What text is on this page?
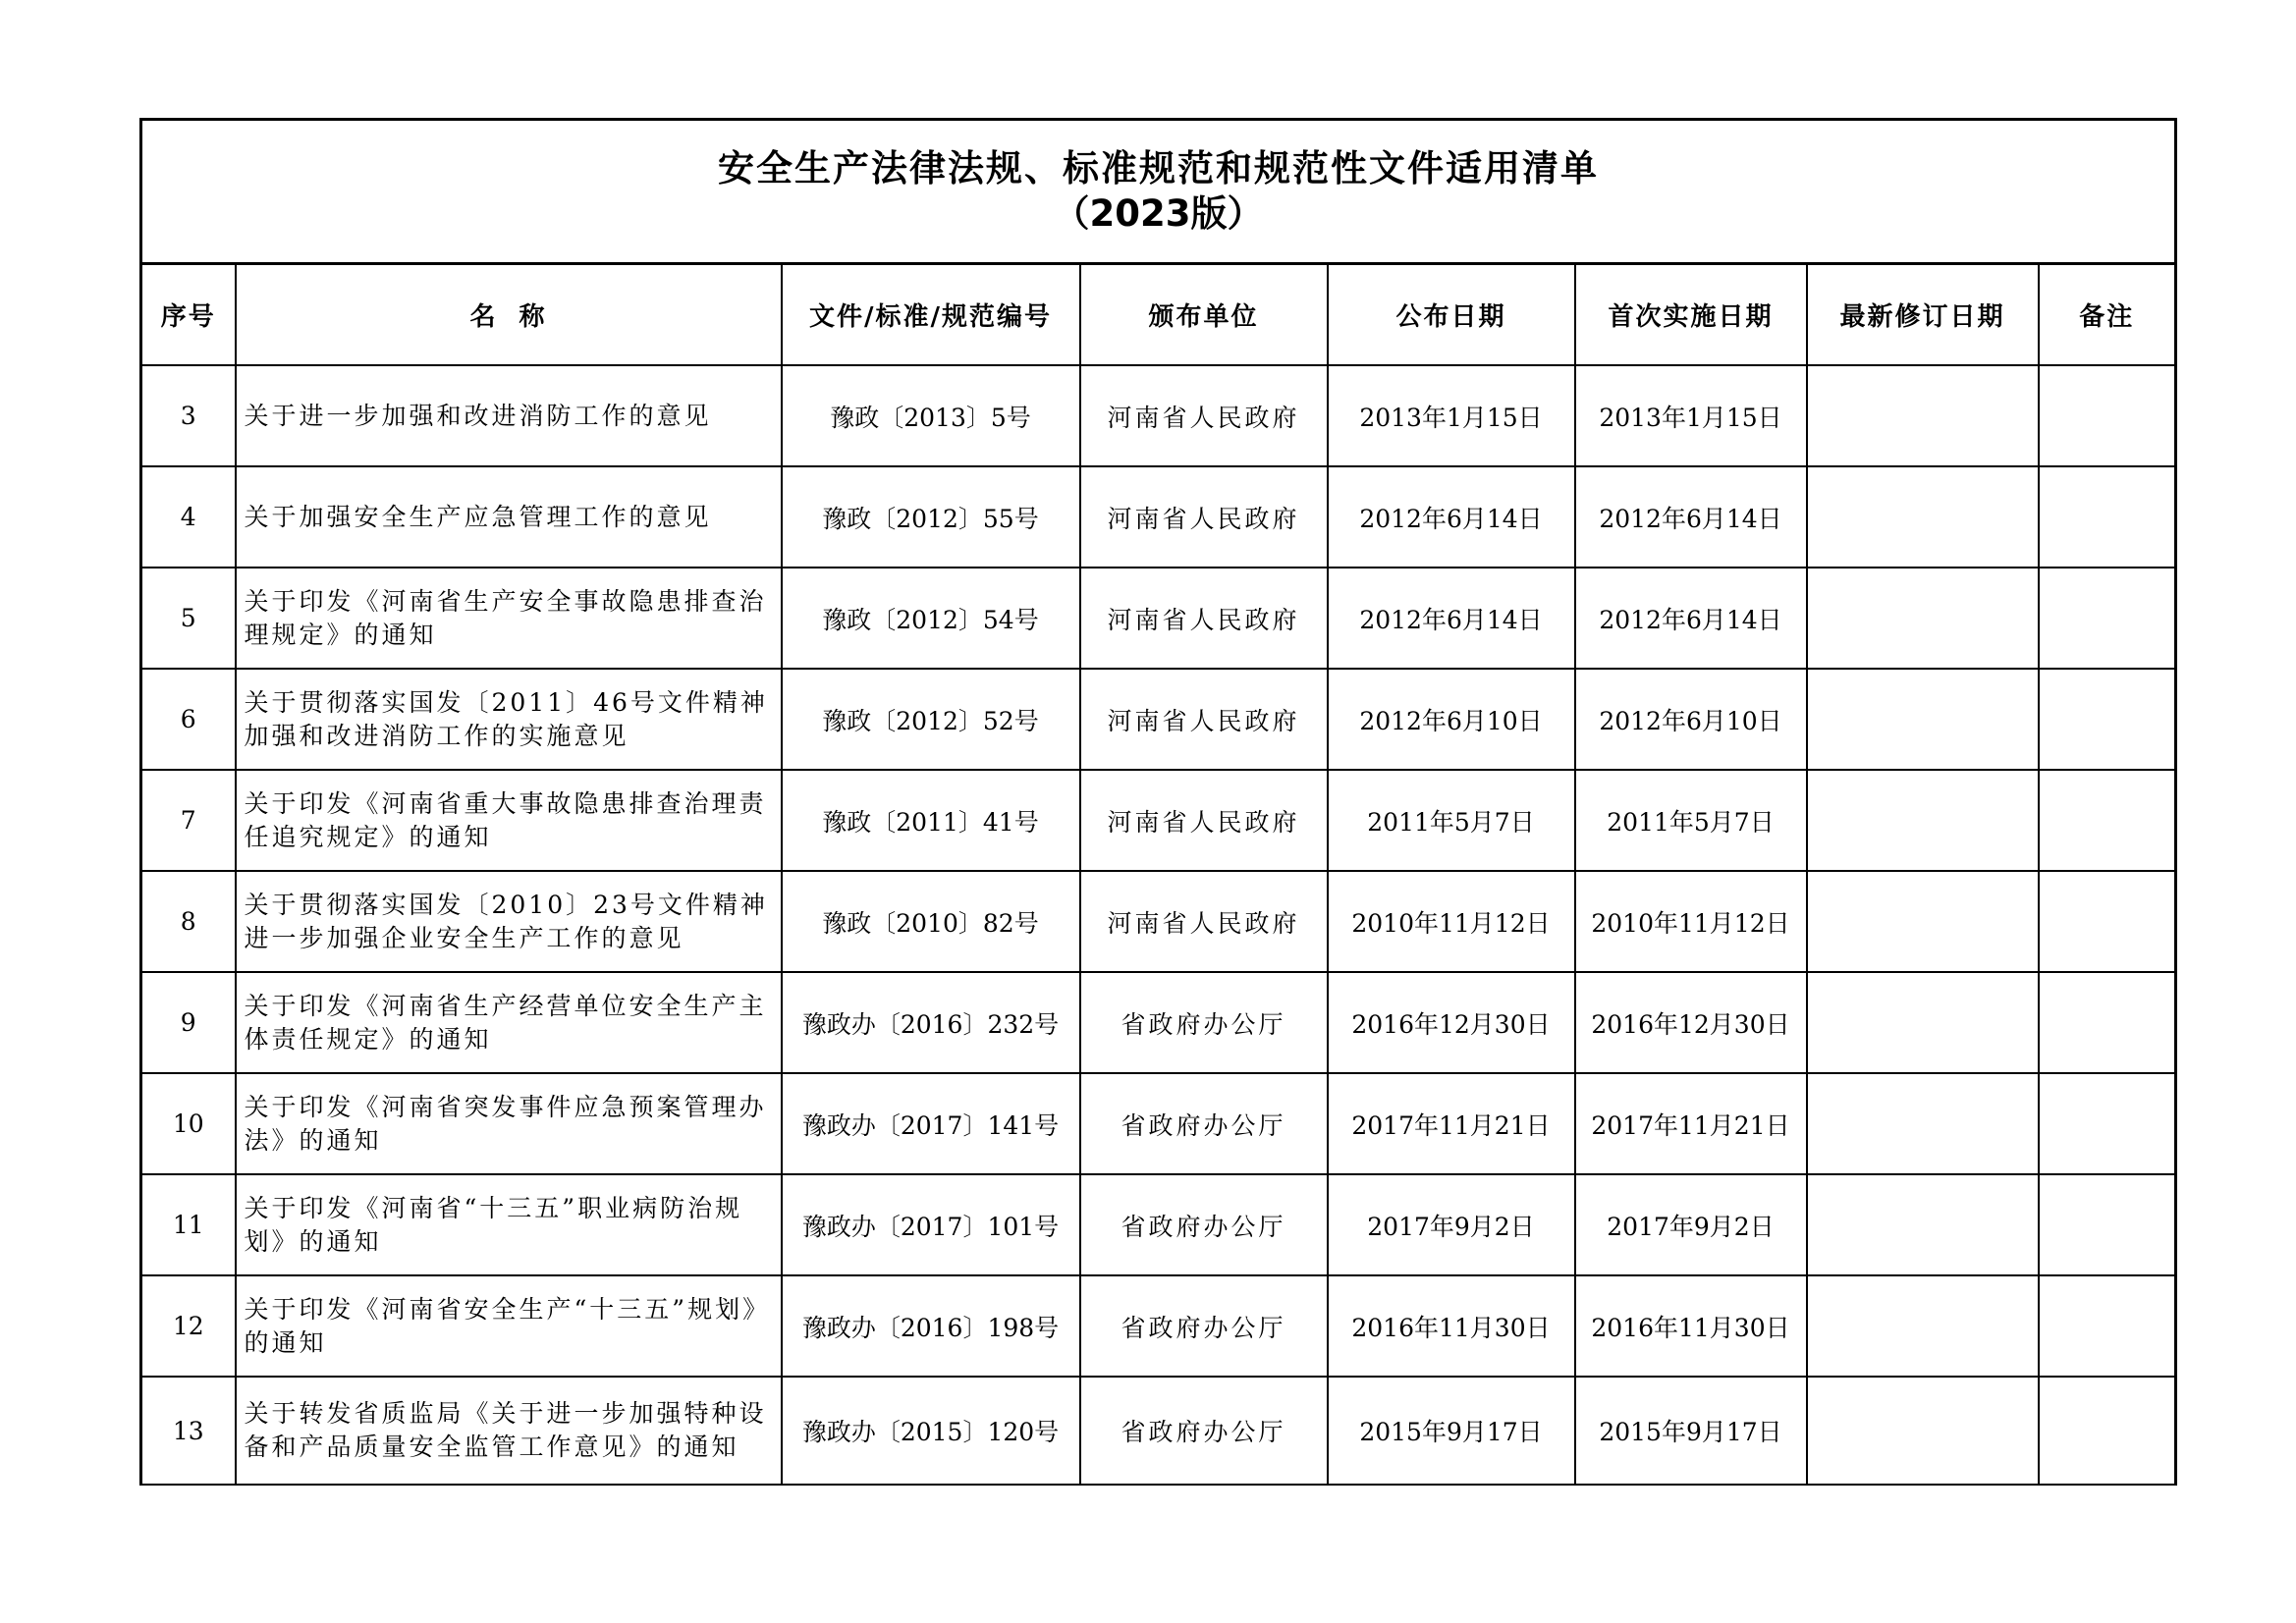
安全生产法律法规、标准规范和规范性文件适用清单
（2023版）							

序号	名  称	文件/标准/规范编号	颁布单位	公布日期	首次实施日期	最新修订日期	备注
3	关于进一步加强和改进消防工作的意见	豫政〔2013〕5号	河南省人民政府	2013年1月15日	2013年1月15日		
4	关于加强安全生产应急管理工作的意见	豫政〔2012〕55号	河南省人民政府	2012年6月14日	2012年6月14日		
5	关于印发《河南省生产安全事故隐患排查治理规定》的通知	豫政〔2012〕54号	河南省人民政府	2012年6月14日	2012年6月14日		
6	关于贯彻落实国发〔2011〕46号文件精神加强和改进消防工作的实施意见	豫政〔2012〕52号	河南省人民政府	2012年6月10日	2012年6月10日		
7	关于印发《河南省重大事故隐患排查治理责任追究规定》的通知	豫政〔2011〕41号	河南省人民政府	2011年5月7日	2011年5月7日		
8	关于贯彻落实国发〔2010〕23号文件精神进一步加强企业安全生产工作的意见	豫政〔2010〕82号	河南省人民政府	2010年11月12日	2010年11月12日		
9	关于印发《河南省生产经营单位安全生产主体责任规定》的通知	豫政办〔2016〕232号	省政府办公厅	2016年12月30日	2016年12月30日		
10	关于印发《河南省突发事件应急预案管理办法》的通知	豫政办〔2017〕141号	省政府办公厅	2017年11月21日	2017年11月21日		
11	关于印发《河南省“十三五”职业病防治规划》的通知	豫政办〔2017〕101号	省政府办公厅	2017年9月2日	2017年9月2日		
12	关于印发《河南省安全生产“十三五”规划》的通知	豫政办〔2016〕198号	省政府办公厅	2016年11月30日	2016年11月30日		
13	关于转发省质监局《关于进一步加强特种设备和产品质量安全监管工作意见》的通知	豫政办〔2015〕120号	省政府办公厅	2015年9月17日	2015年9月17日		
